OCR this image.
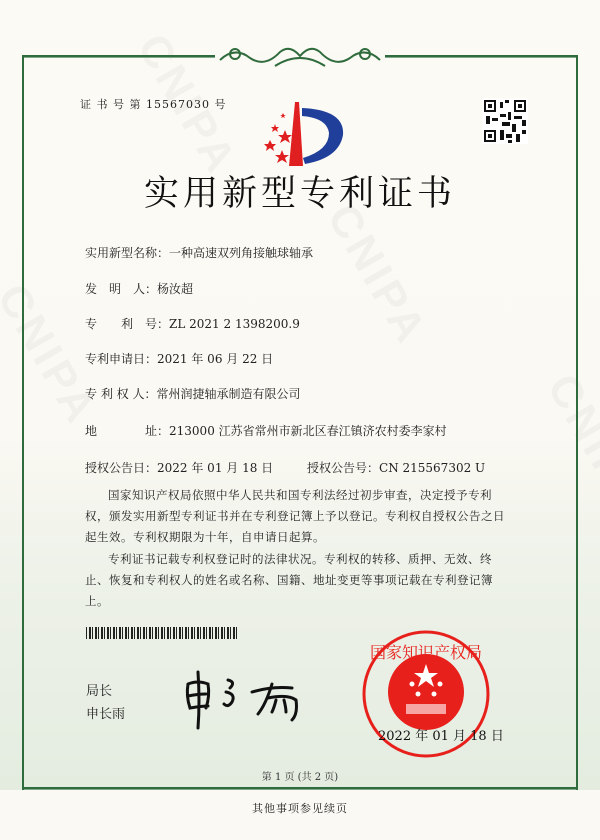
证 书 号 第 15567030 号
实用新型专利证书
实用新型名称：一种高速双列角接触球轴承
发　明　人：杨汝超
专　　利　号：ZL 2021 2 1398200.9
专利申请日：2021 年 06 月 22 日
专 利 权 人：常州润捷轴承制造有限公司
地　　　　址：213000 江苏省常州市新北区春江镇济农村委李家村
授权公告日：2022 年 01 月 18 日	授权公告号：CN 215567302 U
国家知识产权局依照中华人民共和国专利法经过初步审查，决定授予专利权，颁发实用新型专利证书并在专利登记簿上予以登记。专利权自授权公告之日起生效。专利权期限为十年，自申请日起算。
专利证书记载专利权登记时的法律状况。专利权的转移、质押、无效、终止、恢复和专利权人的姓名或名称、国籍、地址变更等事项记载在专利登记簿上。
局长
申长雨
国家知识产权局
2022 年 01 月 18 日
第 1 页 (共 2 页)
其他事项参见续页
